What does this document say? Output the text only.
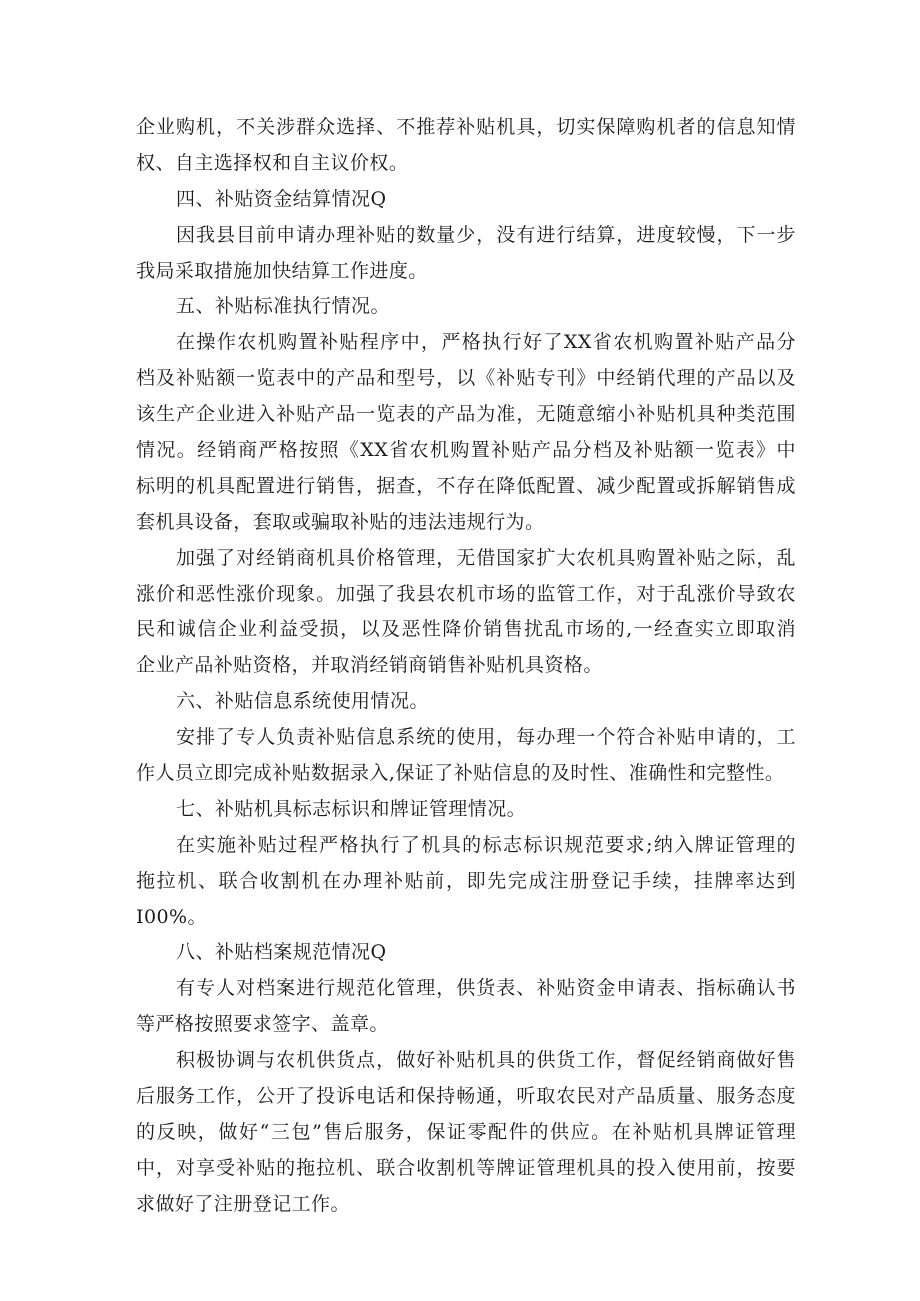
企业购机，不关涉群众选择、不推荐补贴机具，切实保障购机者的信息知情
权、自主选择权和自主议价权。
四、补贴资金结算情况Q
因我县目前申请办理补贴的数量少，没有进行结算，进度较慢，下一步
我局采取措施加快结算工作进度。
五、补贴标准执行情况。
在操作农机购置补贴程序中，严格执行好了XX省农机购置补贴产品分
档及补贴额一览表中的产品和型号，以《补贴专刊》中经销代理的产品以及
该生产企业进入补贴产品一览表的产品为准，无随意缩小补贴机具种类范围
情况。经销商严格按照《XX省农机购置补贴产品分档及补贴额一览表》中
标明的机具配置进行销售，据查，不存在降低配置、减少配置或拆解销售成
套机具设备，套取或骗取补贴的违法违规行为。
加强了对经销商机具价格管理，无借国家扩大农机具购置补贴之际，乱
涨价和恶性涨价现象。加强了我县农机市场的监管工作，对于乱涨价导致农
民和诚信企业利益受损，以及恶性降价销售扰乱市场的,一经查实立即取消
企业产品补贴资格，并取消经销商销售补贴机具资格。
六、补贴信息系统使用情况。
安排了专人负责补贴信息系统的使用，每办理一个符合补贴申请的，工
作人员立即完成补贴数据录入,保证了补贴信息的及时性、准确性和完整性。
七、补贴机具标志标识和牌证管理情况。
在实施补贴过程严格执行了机具的标志标识规范要求;纳入牌证管理的
拖拉机、联合收割机在办理补贴前，即先完成注册登记手续，挂牌率达到
I00%。
八、补贴档案规范情况Q
有专人对档案进行规范化管理，供货表、补贴资金申请表、指标确认书
等严格按照要求签字、盖章。
积极协调与农机供货点，做好补贴机具的供货工作，督促经销商做好售
后服务工作，公开了投诉电话和保持畅通，听取农民对产品质量、服务态度
的反映，做好“三包”售后服务，保证零配件的供应。在补贴机具牌证管理
中，对享受补贴的拖拉机、联合收割机等牌证管理机具的投入使用前，按要
求做好了注册登记工作。
